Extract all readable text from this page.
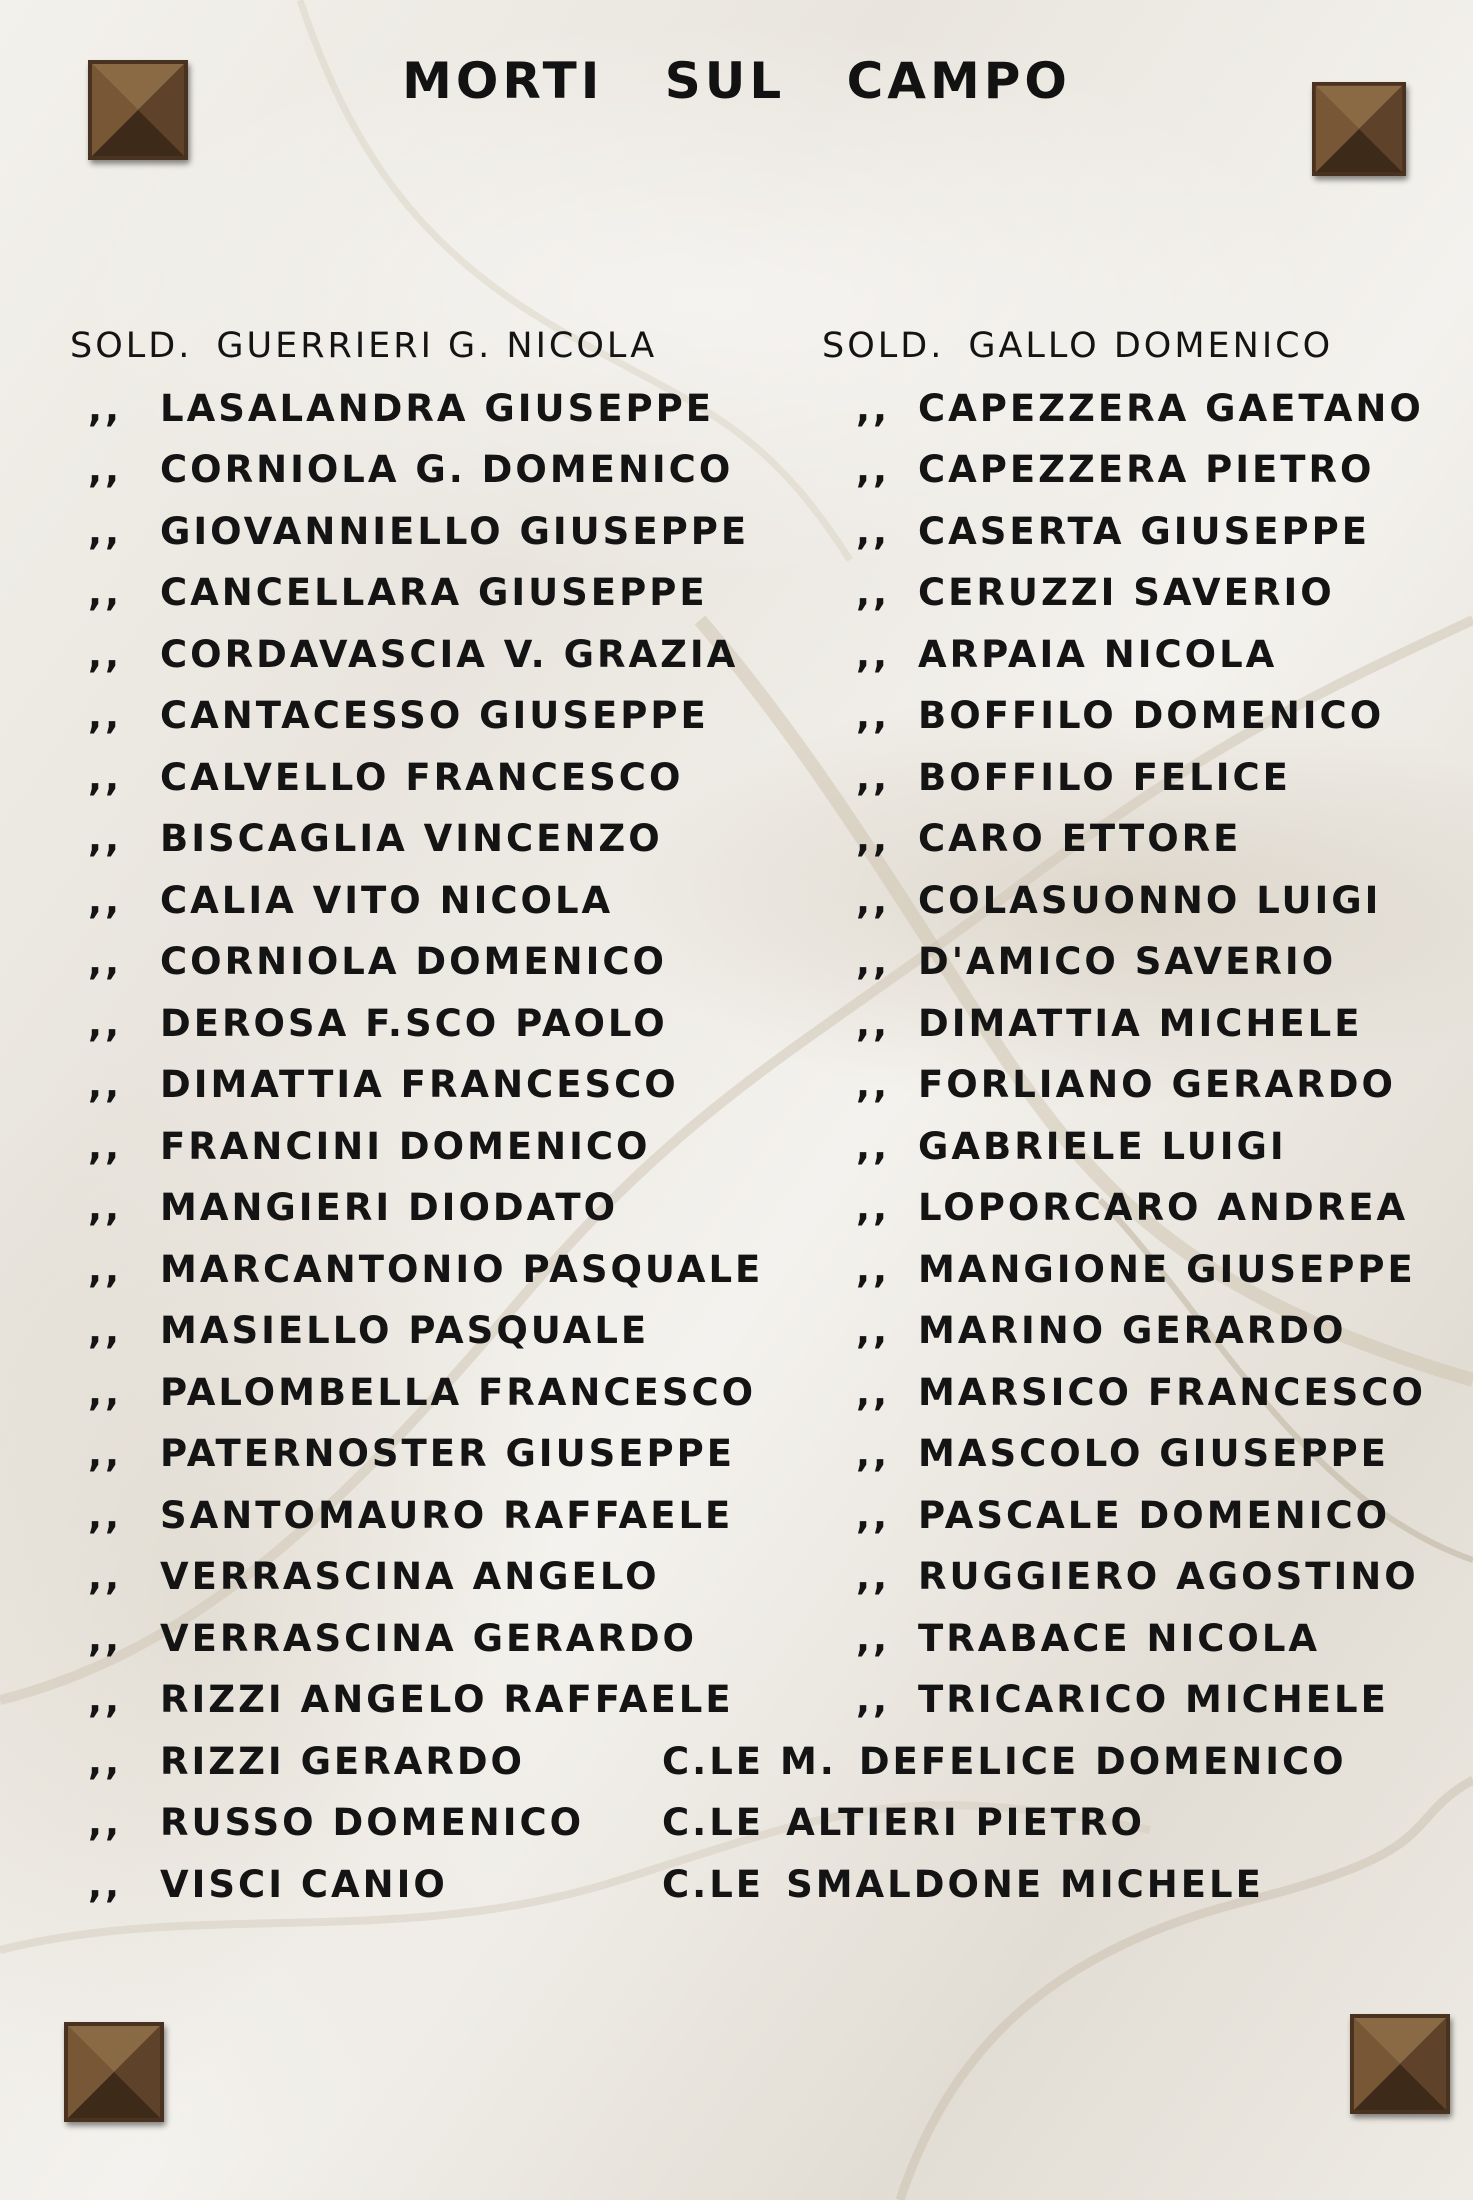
MORTI SUL CAMPO
SOLD. GUERRIERI G. NICOLA
,,	LASALANDRA GIUSEPPE
,,	CORNIOLA G. DOMENICO
,,	GIOVANNIELLO GIUSEPPE
,,	CANCELLARA GIUSEPPE
,,	CORDAVASCIA V. GRAZIA
,,	CANTACESSO GIUSEPPE
,,	CALVELLO FRANCESCO
,,	BISCAGLIA VINCENZO
,,	CALIA VITO NICOLA
,,	CORNIOLA DOMENICO
,,	DEROSA F.SCO PAOLO
,,	DIMATTIA FRANCESCO
,,	FRANCINI DOMENICO
,,	MANGIERI DIODATO
,,	MARCANTONIO PASQUALE
,,	MASIELLO PASQUALE
,,	PALOMBELLA FRANCESCO
,,	PATERNOSTER GIUSEPPE
,,	SANTOMAURO RAFFAELE
,,	VERRASCINA ANGELO
,,	VERRASCINA GERARDO
,,	RIZZI ANGELO RAFFAELE
,,	RIZZI GERARDO
,,	RUSSO DOMENICO
,,	VISCI CANIO
SOLD. GALLO DOMENICO
,, CAPEZZERA GAETANO
,, CAPEZZERA PIETRO
,, CASERTA GIUSEPPE
,, CERUZZI SAVERIO
,, ARPAIA NICOLA
,, BOFFILO DOMENICO
,, BOFFILO FELICE
,, CARO ETTORE
,, COLASUONNO LUIGI
,, D'AMICO SAVERIO
,, DIMATTIA MICHELE
,, FORLIANO GERARDO
,, GABRIELE LUIGI
,, LOPORCARO ANDREA
,, MANGIONE GIUSEPPE
,, MARINO GERARDO
,, MARSICO FRANCESCO
,, MASCOLO GIUSEPPE
,, PASCALE DOMENICO
,, RUGGIERO AGOSTINO
,, TRABACE NICOLA
,, TRICARICO MICHELE
C.LE M. DEFELICE DOMENICO
C.LE ALTIERI PIETRO
C.LE SMALDONE MICHELE
